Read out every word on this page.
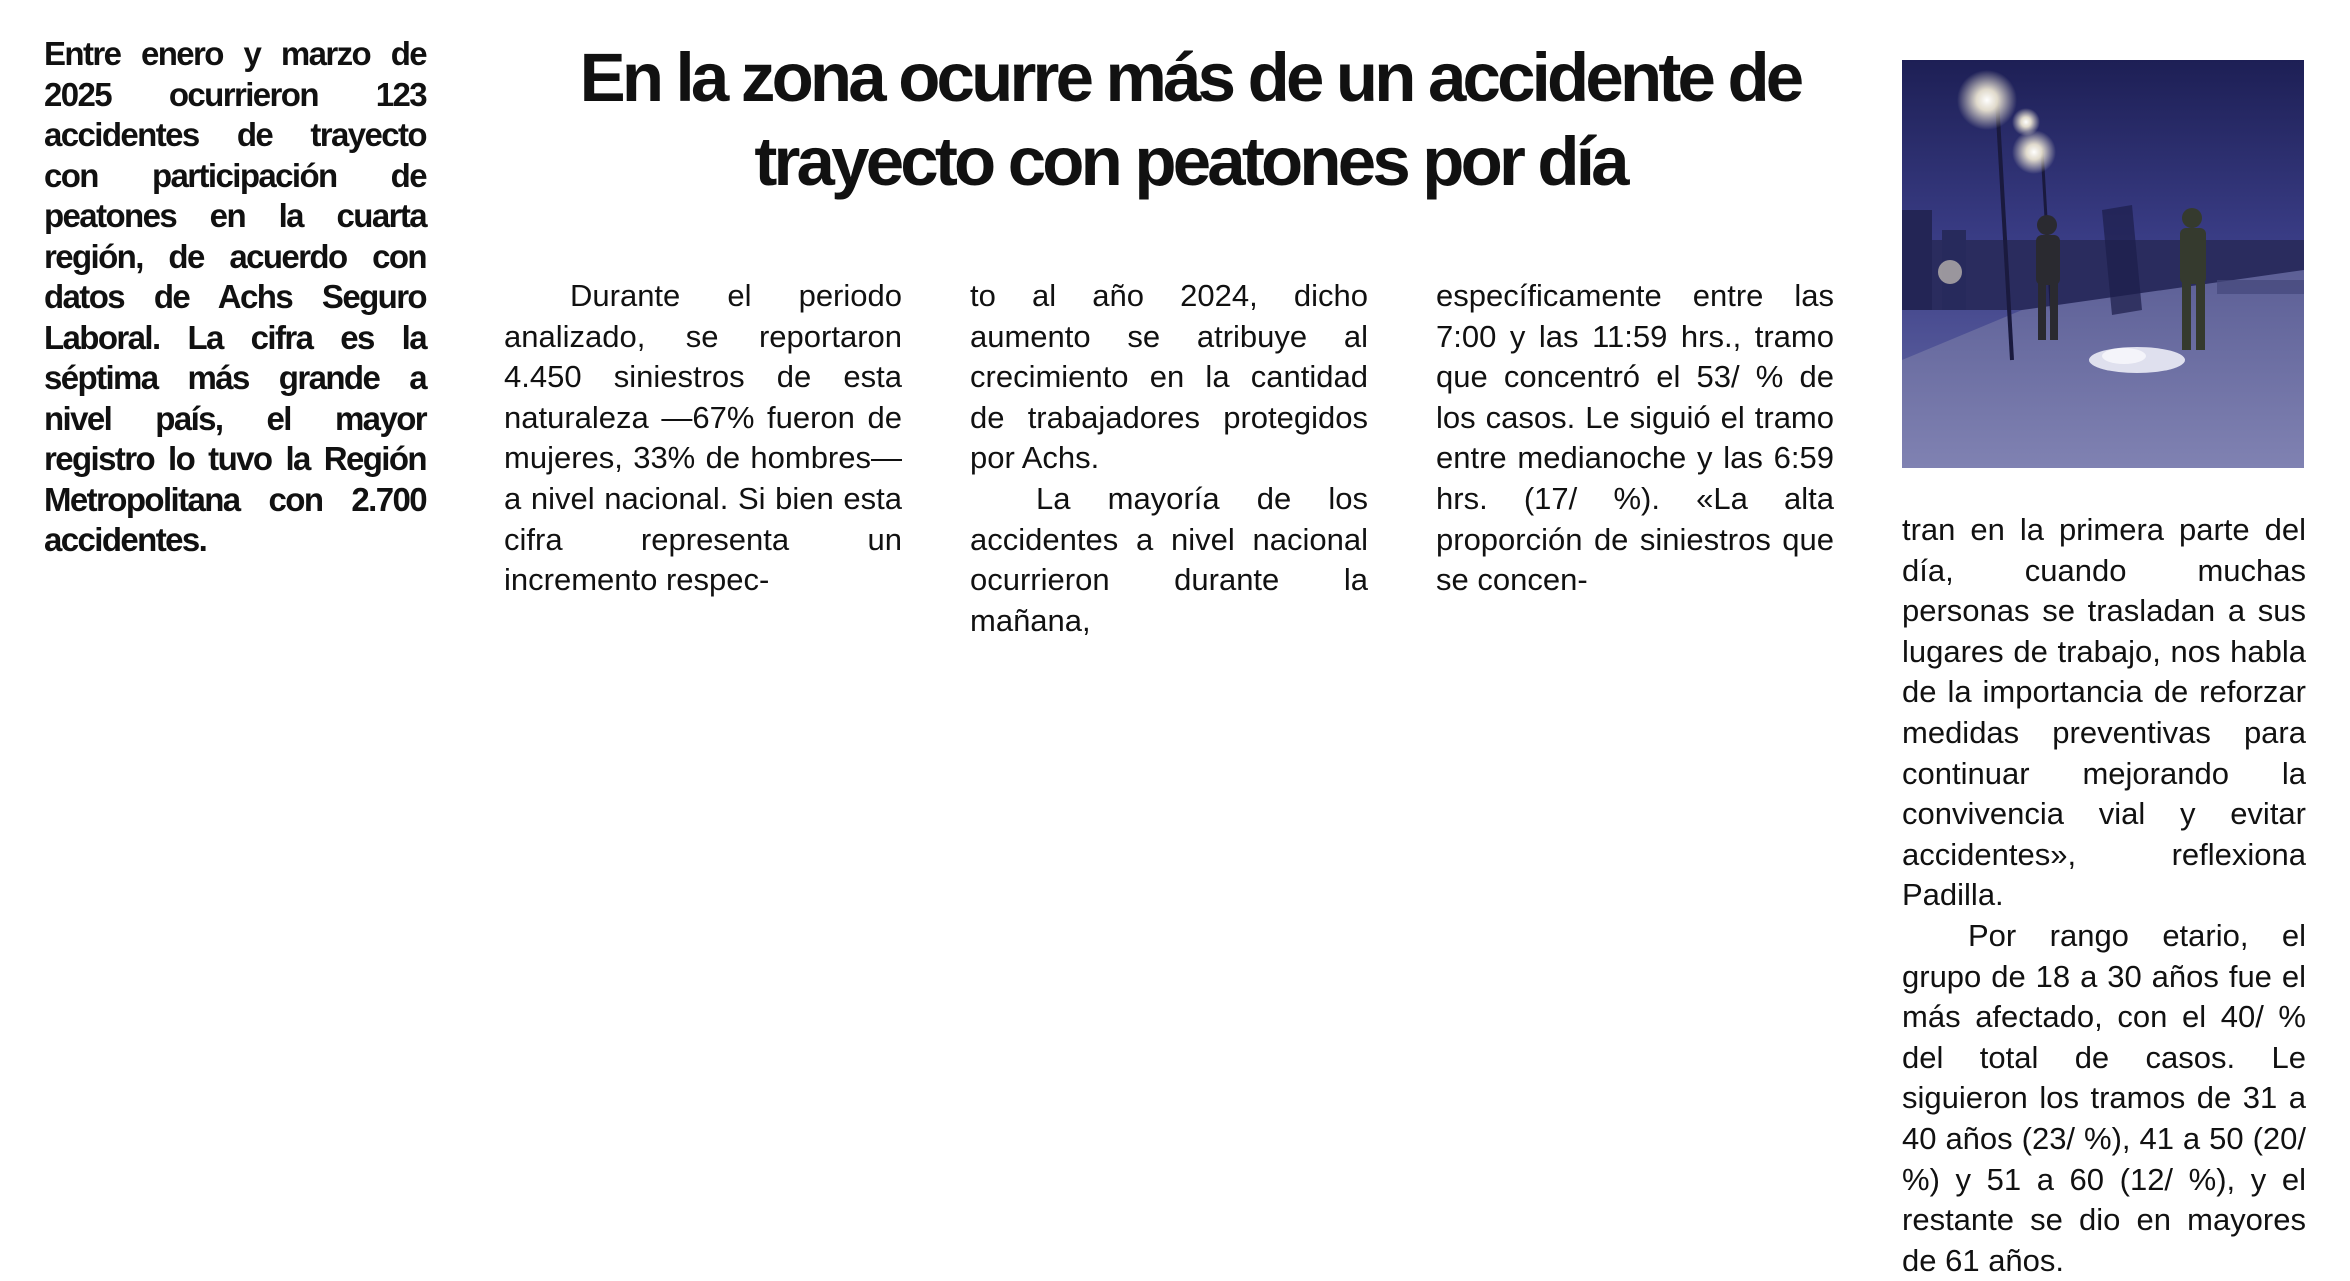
Entre enero y marzo de 2025 ocurrieron 123 accidentes de trayecto con participación de peatones en la cuarta región, de acuerdo con datos de Achs Seguro Laboral. La cifra es la séptima más grande a nivel país, el mayor registro lo tuvo la Región Metropolitana con 2.700 accidentes.

En la zona ocurre más de un accidente de trayecto con peatones por día

Durante el periodo analizado, se reportaron 4.450 siniestros de esta naturaleza —67% fueron de mujeres, 33% de hombres— a nivel nacional. Si bien esta cifra representa un incremento respec-

to al año 2024, dicho aumento se atribuye al crecimiento en la cantidad de trabajadores protegidos por Achs.

La mayoría de los accidentes a nivel nacional ocurrieron durante la mañana,

específicamente entre las 7:00 y las 11:59 hrs., tramo que concentró el 53/ % de los casos. Le siguió el tramo entre medianoche y las 6:59 hrs. (17/ %). «La alta proporción de siniestros que se concen-

tran en la primera parte del día, cuando muchas personas se trasladan a sus lugares de trabajo, nos habla de la importancia de reforzar medidas preventivas para continuar mejorando la convivencia vial y evitar accidentes», reflexiona Padilla.

Por rango etario, el grupo de 18 a 30 años fue el más afectado, con el 40/ % del total de casos. Le siguieron los tramos de 31 a 40 años (23/ %), 41 a 50 (20/ %) y 51 a 60 (12/ %), y el restante se dio en mayores de 61 años.
